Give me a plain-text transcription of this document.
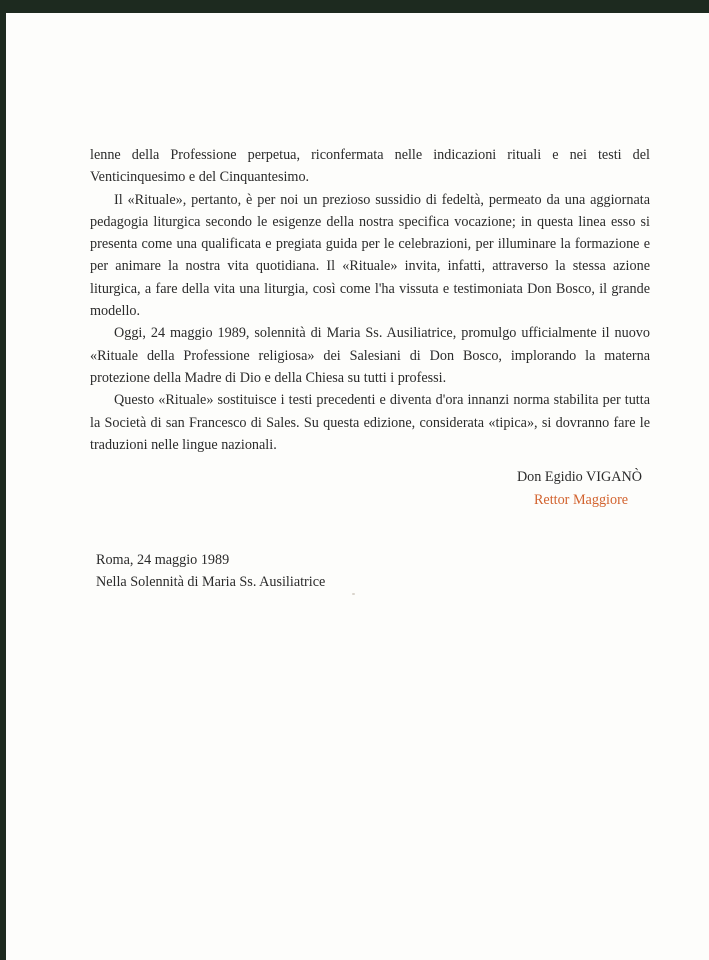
lenne della Professione perpetua, riconfermata nelle indicazioni rituali e nei testi del Venticinquesimo e del Cinquantesimo.

Il «Rituale», pertanto, è per noi un prezioso sussidio di fedeltà, permeato da una aggiornata pedagogia liturgica secondo le esigenze della nostra specifica vocazione; in questa linea esso si presenta come una qualificata e pregiata guida per le celebrazioni, per illuminare la formazione e per animare la nostra vita quotidiana. Il «Rituale» invita, infatti, attraverso la stessa azione liturgica, a fare della vita una liturgia, così come l'ha vissuta e testimoniata Don Bosco, il grande modello.

Oggi, 24 maggio 1989, solennità di Maria Ss. Ausiliatrice, promulgo ufficialmente il nuovo «Rituale della Professione religiosa» dei Salesiani di Don Bosco, implorando la materna protezione della Madre di Dio e della Chiesa su tutti i professi.

Questo «Rituale» sostituisce i testi precedenti e diventa d'ora innanzi norma stabilita per tutta la Società di san Francesco di Sales. Su questa edizione, considerata «tipica», si dovranno fare le traduzioni nelle lingue nazionali.

Don Egidio VIGANÒ
Rettor Maggiore
Roma, 24 maggio 1989
Nella Solennità di Maria Ss. Ausiliatrice
